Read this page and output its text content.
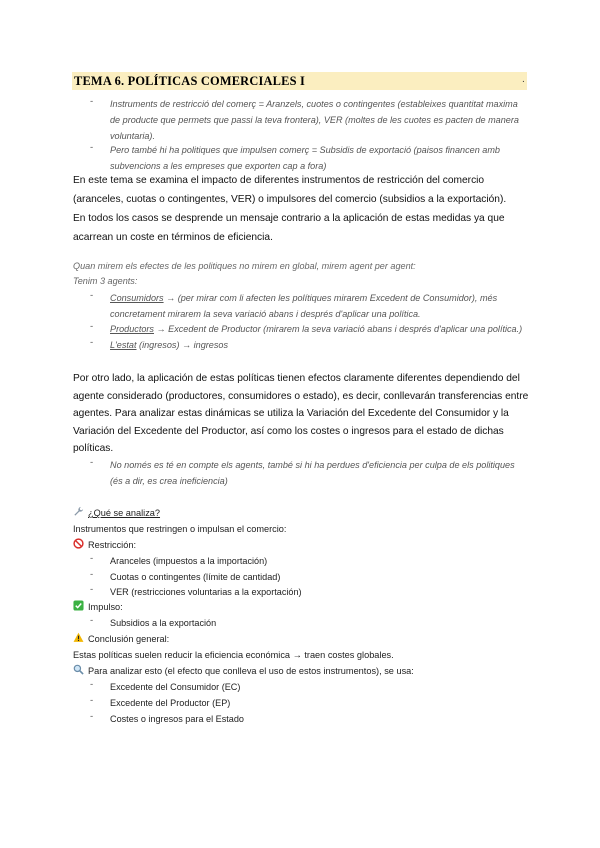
TEMA 6. POLÍTICAS COMERCIALES I	.
- Instruments de restricció del comerç = Aranzels, cuotes o contingentes (estableixes quantitat maxima
de producte que permets que passi la teva frontera), VER (moltes de les cuotes es pacten de manera
voluntaria).
- Pero també hi ha politiques que impulsen comerç = Subsidis de exportació (paisos financen amb
subvencions a les empreses que exporten cap a fora)
En este tema se examina el impacto de diferentes instrumentos de restricción del comercio
(aranceles, cuotas o contingentes, VER) o impulsores del comercio (subsidios a la exportación).
En todos los casos se desprende un mensaje contrario a la aplicación de estas medidas ya que
acarrean un coste en términos de eficiencia.
Quan mirem els efectes de les politiques no mirem en global, mirem agent per agent:
Tenim 3 agents:
- Consumidors → (per mirar com li afecten les polítiques mirarem Excedent de Consumidor), més
concretament mirarem la seva variació abans i després d'aplicar una política.
- Productors → Excedent de Productor (mirarem la seva variació abans i després d'aplicar una política.)
- L'estat (ingresos) → ingresos
Por otro lado, la aplicación de estas políticas tienen efectos claramente diferentes dependiendo del
agente considerado (productores, consumidores o estado), es decir, conllevarán transferencias entre
agentes. Para analizar estas dinámicas se utiliza la Variación del Excedente del Consumidor y la
Variación del Excedente del Productor, así como los costes o ingresos para el estado de dichas
políticas.
- No només es té en compte els agents, també si hi ha perdues d'eficiencia per culpa de els politiques
(és a dir, es crea ineficiencia)
¿Qué se analiza?
Instrumentos que restringen o impulsan el comercio:
Restricción:
- Aranceles (impuestos a la importación)
- Cuotas o contingentes (límite de cantidad)
- VER (restricciones voluntarias a la exportación)
Impulso:
- Subsidios a la exportación
Conclusión general:
Estas políticas suelen reducir la eficiencia económica → traen costes globales.
Para analizar esto (el efecto que conlleva el uso de estos instrumentos), se usa:
- Excedente del Consumidor (EC)
- Excedente del Productor (EP)
- Costes o ingresos para el Estado
